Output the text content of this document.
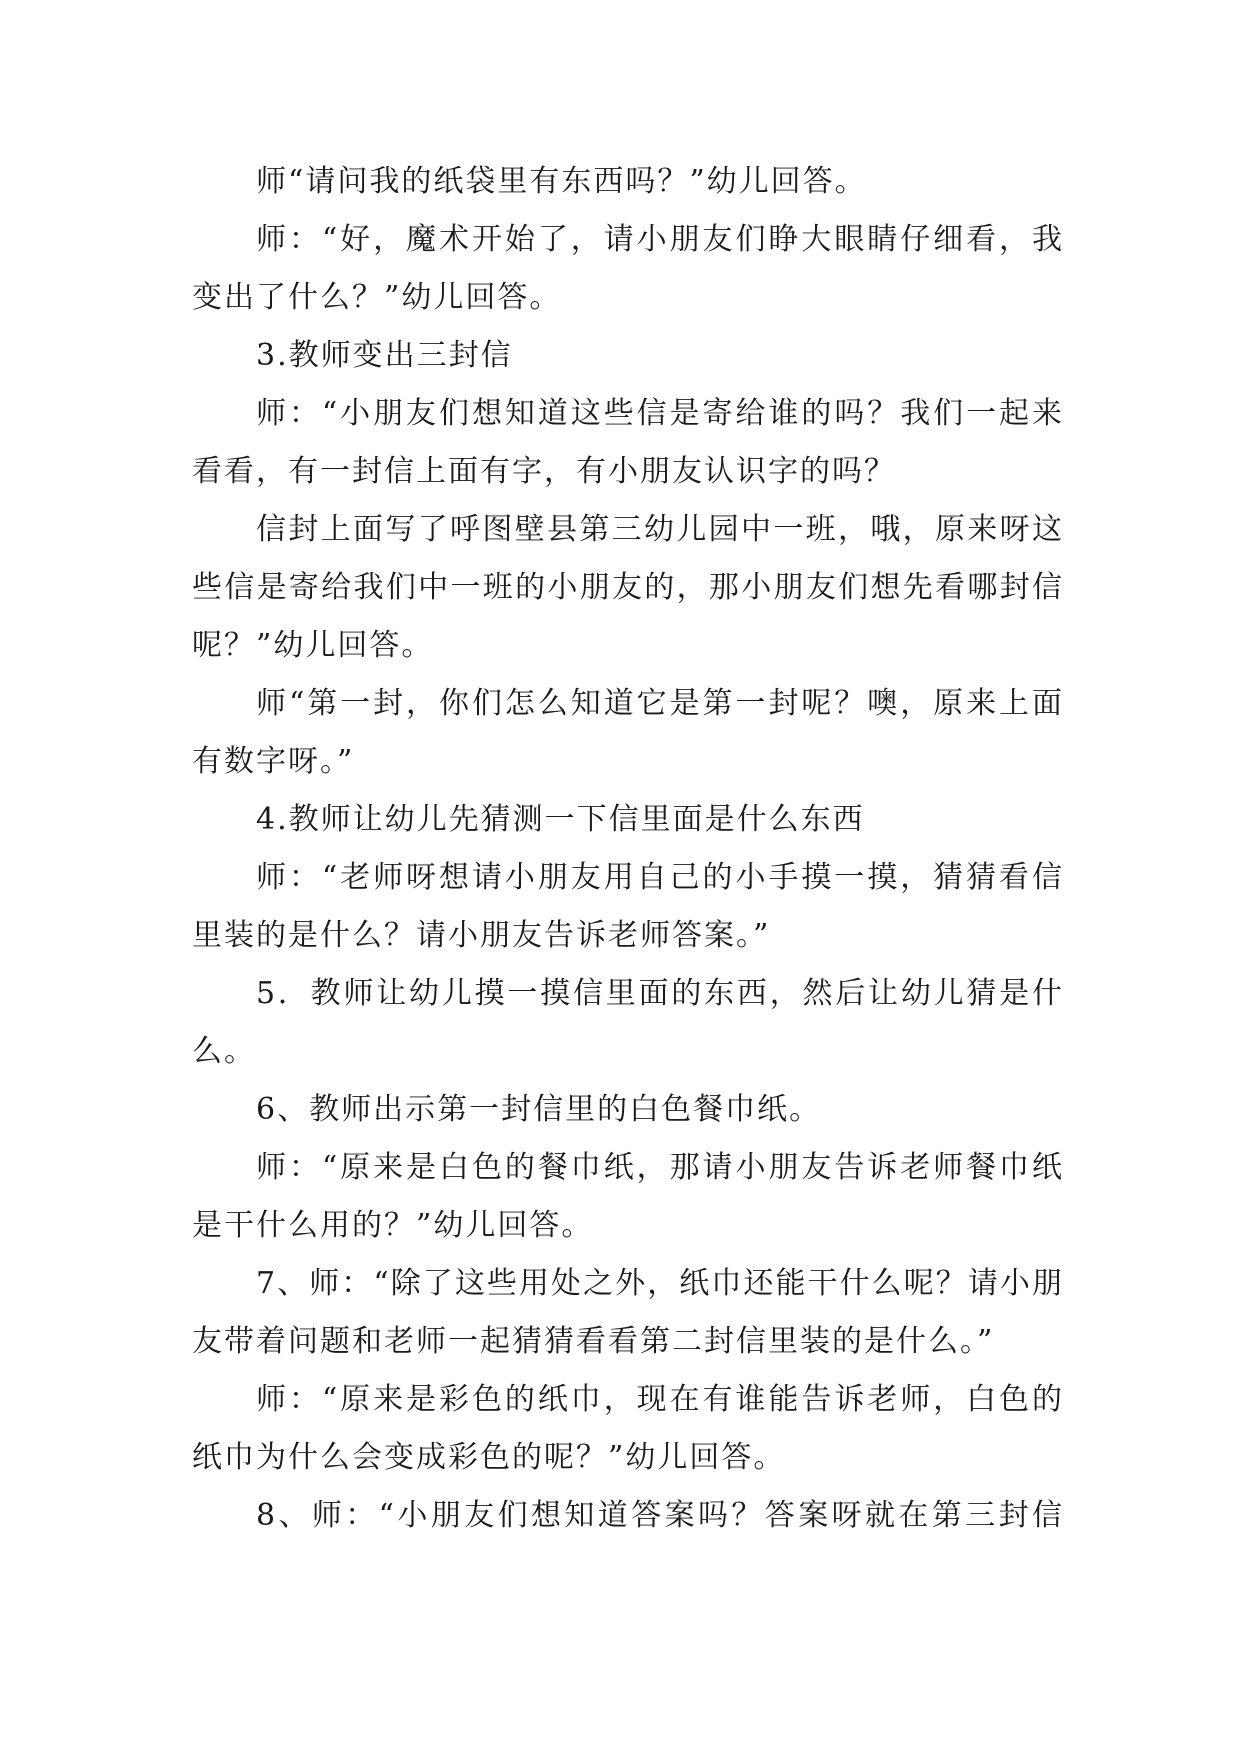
师“请问我的纸袋里有东西吗？”幼儿回答。

师：“好，魔术开始了，请小朋友们睁大眼睛仔细看，我变出了什么？”幼儿回答。

3.教师变出三封信

师：“小朋友们想知道这些信是寄给谁的吗？我们一起来看看，有一封信上面有字，有小朋友认识字的吗？

信封上面写了呼图壁县第三幼儿园中一班，哦，原来呀这些信是寄给我们中一班的小朋友的，那小朋友们想先看哪封信呢？”幼儿回答。

师“第一封，你们怎么知道它是第一封呢？噢，原来上面有数字呀。”

4.教师让幼儿先猜测一下信里面是什么东西

师：“老师呀想请小朋友用自己的小手摸一摸，猜猜看信里装的是什么？请小朋友告诉老师答案。”

5．教师让幼儿摸一摸信里面的东西，然后让幼儿猜是什么。

6、教师出示第一封信里的白色餐巾纸。

师：“原来是白色的餐巾纸，那请小朋友告诉老师餐巾纸是干什么用的？”幼儿回答。

7、师：“除了这些用处之外，纸巾还能干什么呢？请小朋友带着问题和老师一起猜猜看看第二封信里装的是什么。”

师：“原来是彩色的纸巾，现在有谁能告诉老师，白色的纸巾为什么会变成彩色的呢？”幼儿回答。

8、师：“小朋友们想知道答案吗？答案呀就在第三封信
